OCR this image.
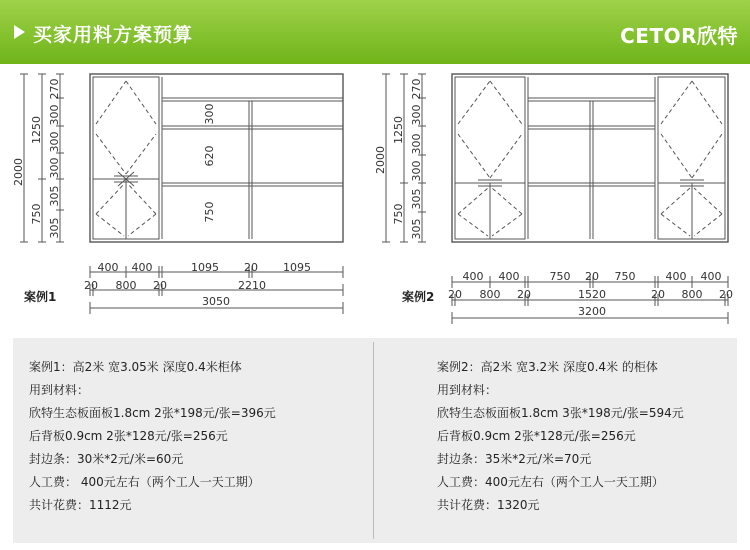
买家用料方案预算	CETOR欣特
2000
1250
750
270
300
300
300
305
305
300
620
750
400 400	1095 20 1095
20 800 20	2210
3050
2000
1250
750
270
300
300
300
305
305
400 400	750 20 750	400 400
20 800 20	1520	20 800 20
3200
案例1	案例2
案例1：高2米 宽3.05米 深度0.4米柜体
用到材料：
欣特生态板面板1.8cm 2张*198元/张=396元
后背板0.9cm 2张*128元/张=256元
封边条：30米*2元/米=60元
人工费： 400元左右（两个工人一天工期）
共计花费：1112元
案例2：高2米 宽3.2米 深度0.4米 的柜体
用到材料：
欣特生态板面板1.8cm 3张*198元/张=594元
后背板0.9cm 2张*128元/张=256元
封边条：35米*2元/米=70元
人工费：400元左右（两个工人一天工期）
共计花费：1320元
